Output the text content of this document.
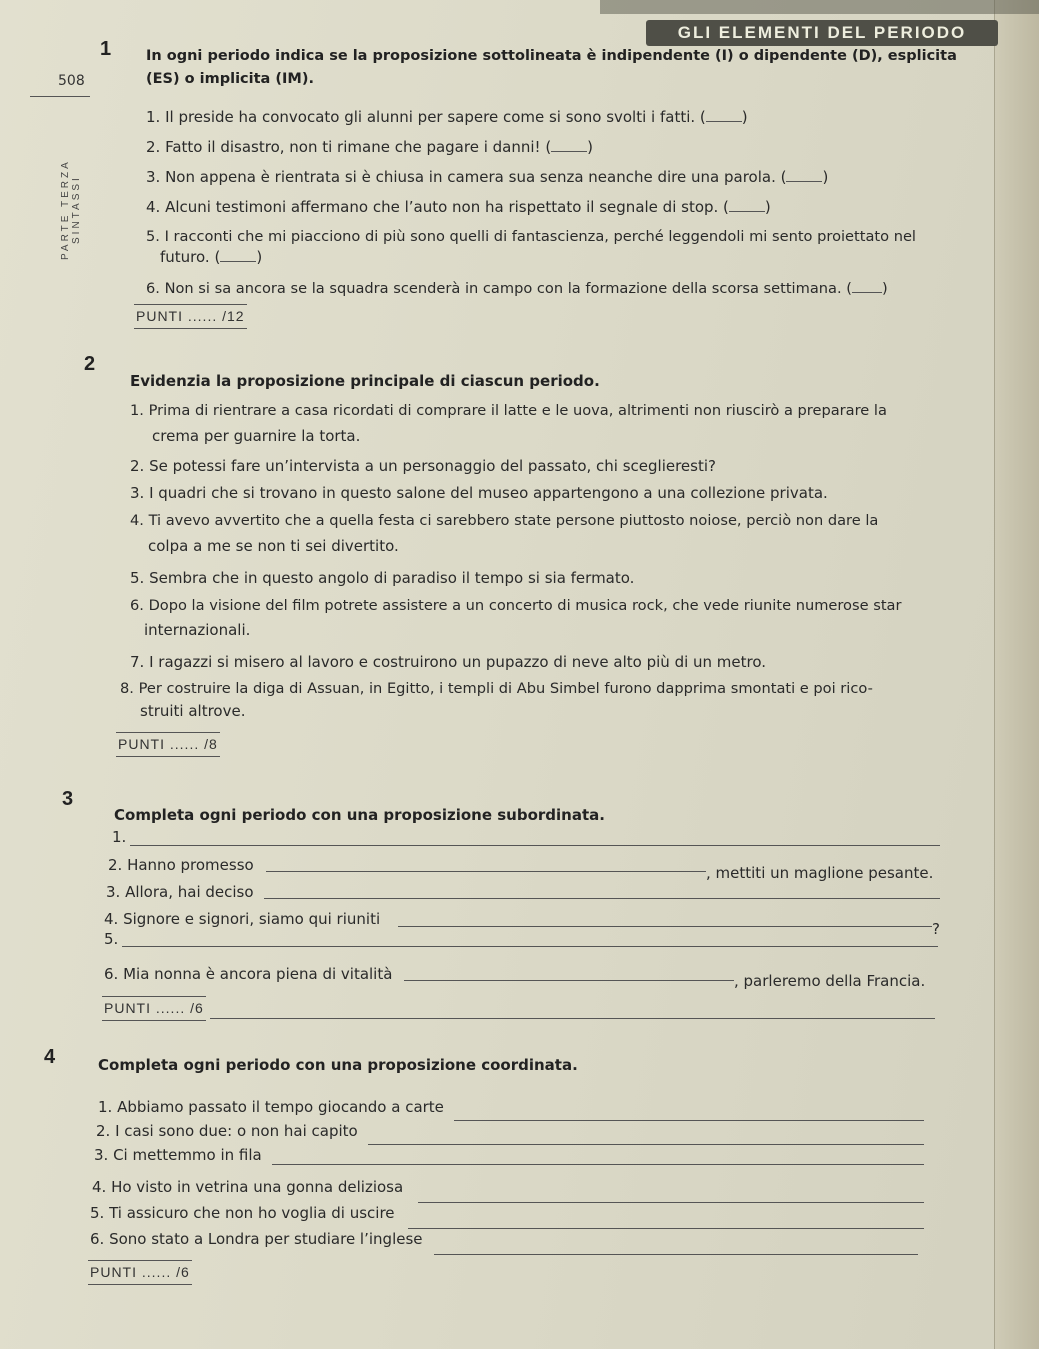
GLI ELEMENTI DEL PERIODO
508
PARTE TERZA SINTASSI
1 In ogni periodo indica se la proposizione sottolineata è indipendente (I) o dipendente (D), esplicita
(ES) o implicita (IM).
1. Il preside ha convocato gli alunni per sapere come si sono svolti i fatti. ( )
2. Fatto il disastro, non ti rimane che pagare i danni! ( )
3. Non appena è rientrata si è chiusa in camera sua senza neanche dire una parola. ( )
4. Alcuni testimoni affermano che l’auto non ha rispettato il segnale di stop. ( )
5. I racconti che mi piacciono di più sono quelli di fantascienza, perché leggendoli mi sento proiettato nel
futuro. ( )
6. Non si sa ancora se la squadra scenderà in campo con la formazione della scorsa settimana. ( )
PUNTI ...... /12
2
Evidenzia la proposizione principale di ciascun periodo.
1. Prima di rientrare a casa ricordati di comprare il latte e le uova, altrimenti non riuscirò a preparare la
crema per guarnire la torta.
2. Se potessi fare un’intervista a un personaggio del passato, chi sceglieresti?
3. I quadri che si trovano in questo salone del museo appartengono a una collezione privata.
4. Ti avevo avvertito che a quella festa ci sarebbero state persone piuttosto noiose, perciò non dare la
colpa a me se non ti sei divertito.
5. Sembra che in questo angolo di paradiso il tempo si sia fermato.
6. Dopo la visione del film potrete assistere a un concerto di musica rock, che vede riunite numerose star
internazionali.
7. I ragazzi si misero al lavoro e costruirono un pupazzo di neve alto più di un metro.
8. Per costruire la diga di Assuan, in Egitto, i templi di Abu Simbel furono dapprima smontati e poi rico-
struiti altrove.
PUNTI ...... /8
3
Completa ogni periodo con una proposizione subordinata.
1.
2. Hanno promesso	, mettiti un maglione pesante.
3. Allora, hai deciso
4. Signore e signori, siamo qui riuniti
?
5.
6. Mia nonna è ancora piena di vitalità	, parleremo della Francia.
PUNTI ...... /6
4	Completa ogni periodo con una proposizione coordinata.
1. Abbiamo passato il tempo giocando a carte
2. I casi sono due: o non hai capito
3. Ci mettemmo in fila
4. Ho visto in vetrina una gonna deliziosa
5. Ti assicuro che non ho voglia di uscire
6. Sono stato a Londra per studiare l’inglese
PUNTI ...... /6
